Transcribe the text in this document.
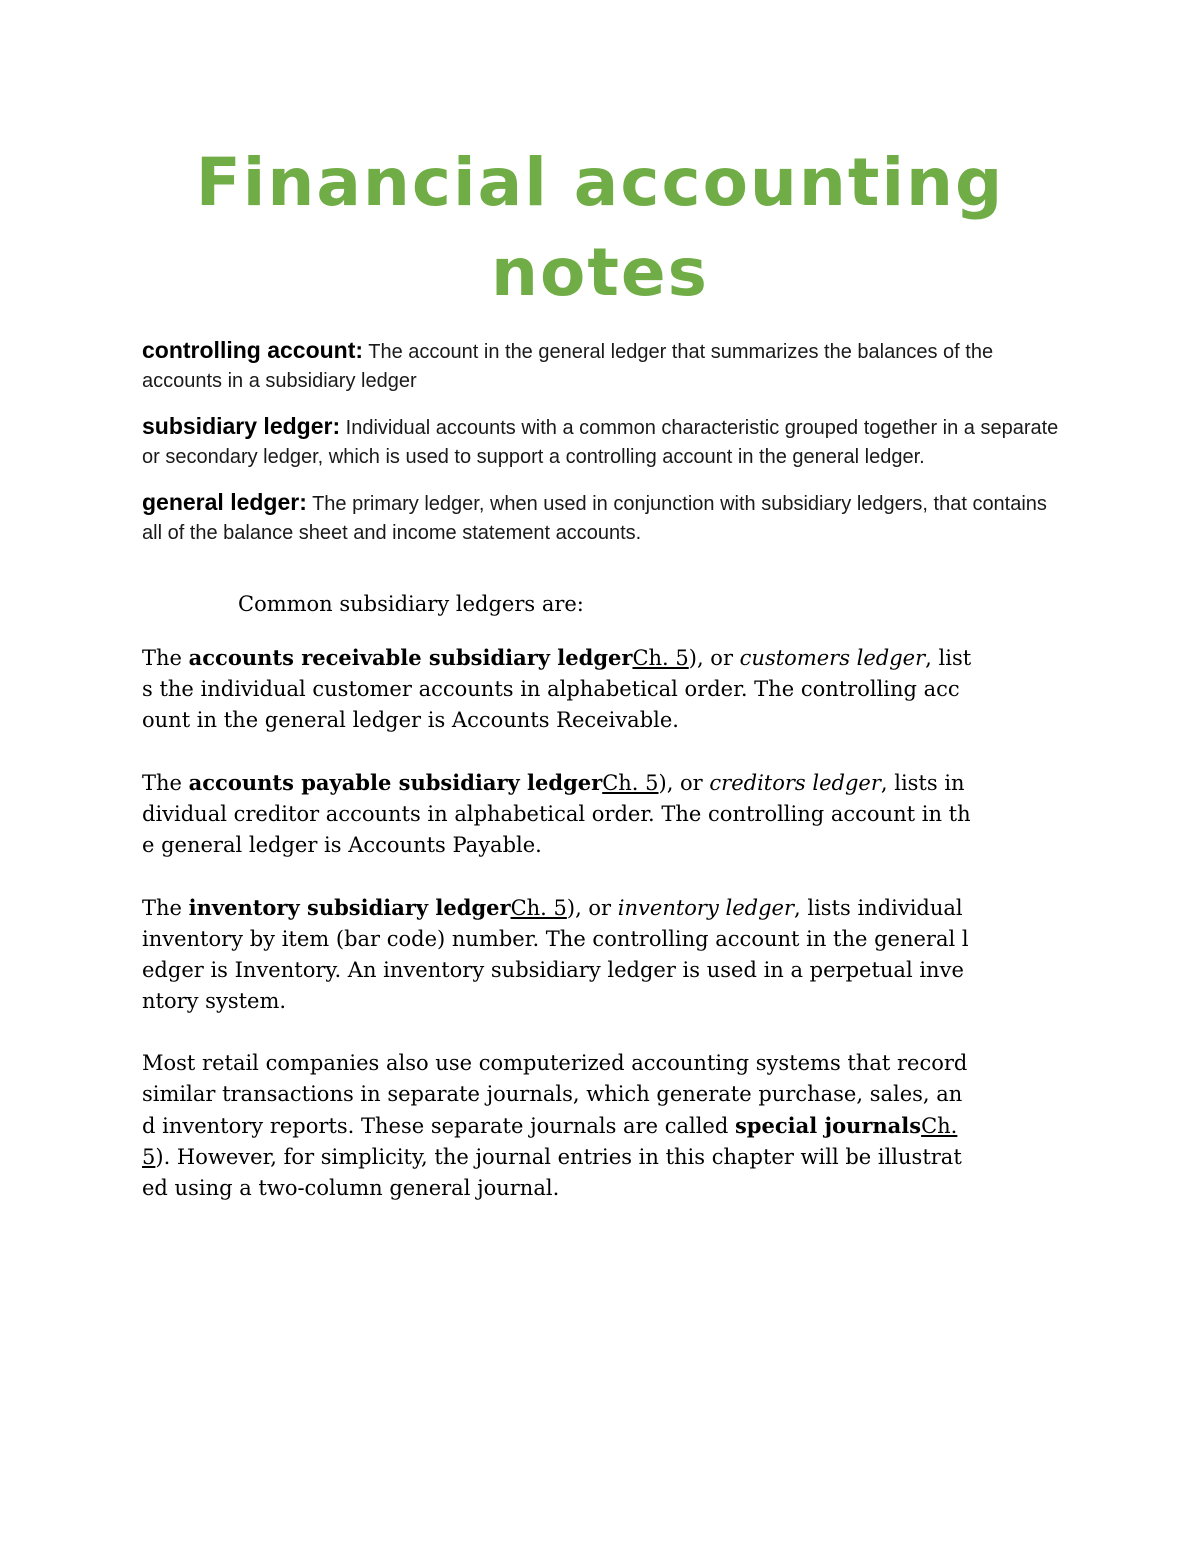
Financial accounting notes

controlling account: The account in the general ledger that summarizes the balances of the accounts in a subsidiary ledger

subsidiary ledger: Individual accounts with a common characteristic grouped together in a separate or secondary ledger, which is used to support a controlling account in the general ledger.

general ledger: The primary ledger, when used in conjunction with subsidiary ledgers, that contains all of the balance sheet and income statement accounts.

Common subsidiary ledgers are:

The accounts receivable subsidiary ledgerCh. 5), or customers ledger, lists the individual customer accounts in alphabetical order. The controlling account in the general ledger is Accounts Receivable.

The accounts payable subsidiary ledgerCh. 5), or creditors ledger, lists individual creditor accounts in alphabetical order. The controlling account in the general ledger is Accounts Payable.

The inventory subsidiary ledgerCh. 5), or inventory ledger, lists individual inventory by item (bar code) number. The controlling account in the general ledger is Inventory. An inventory subsidiary ledger is used in a perpetual inventory system.

Most retail companies also use computerized accounting systems that record similar transactions in separate journals, which generate purchase, sales, and inventory reports. These separate journals are called special journalsCh. 5). However, for simplicity, the journal entries in this chapter will be illustrated using a two-column general journal.
